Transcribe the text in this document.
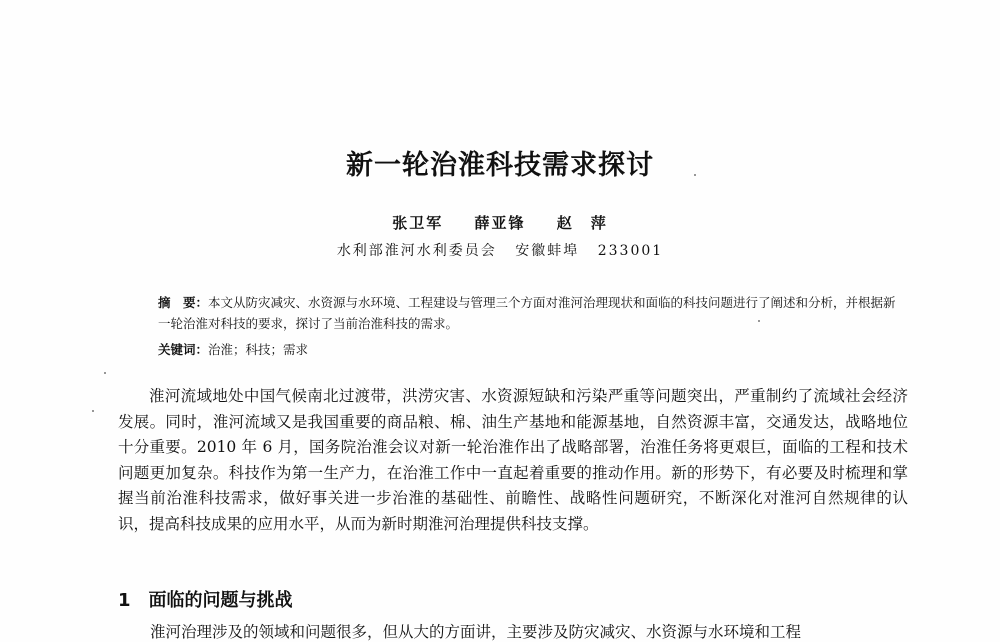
新一轮治淮科技需求探讨
张卫军 薛亚锋 赵　萍
水利部淮河水利委员会 安徽蚌埠 233001
摘　要：本文从防灾减灾、水资源与水环境、工程建设与管理三个方面对淮河治理现状和面临的科技问题进行了阐述和分析，并根据新一轮治淮对科技的要求，探讨了当前治淮科技的需求。
关键词：治淮；科技；需求

淮河流域地处中国气候南北过渡带，洪涝灾害、水资源短缺和污染严重等问题突出，严重制约了流域社会经济发展。同时，淮河流域又是我国重要的商品粮、棉、油生产基地和能源基地，自然资源丰富，交通发达，战略地位十分重要。2010 年 6 月，国务院治淮会议对新一轮治淮作出了战略部署，治淮任务将更艰巨，面临的工程和技术问题更加复杂。科技作为第一生产力，在治淮工作中一直起着重要的推动作用。新的形势下，有必要及时梳理和掌握当前治淮科技需求，做好事关进一步治淮的基础性、前瞻性、战略性问题研究，不断深化对淮河自然规律的认识，提高科技成果的应用水平，从而为新时期淮河治理提供科技支撑。

1 面临的问题与挑战
淮河治理涉及的领域和问题很多，但从大的方面讲，主要涉及防灾减灾、水资源与水环境和工程
